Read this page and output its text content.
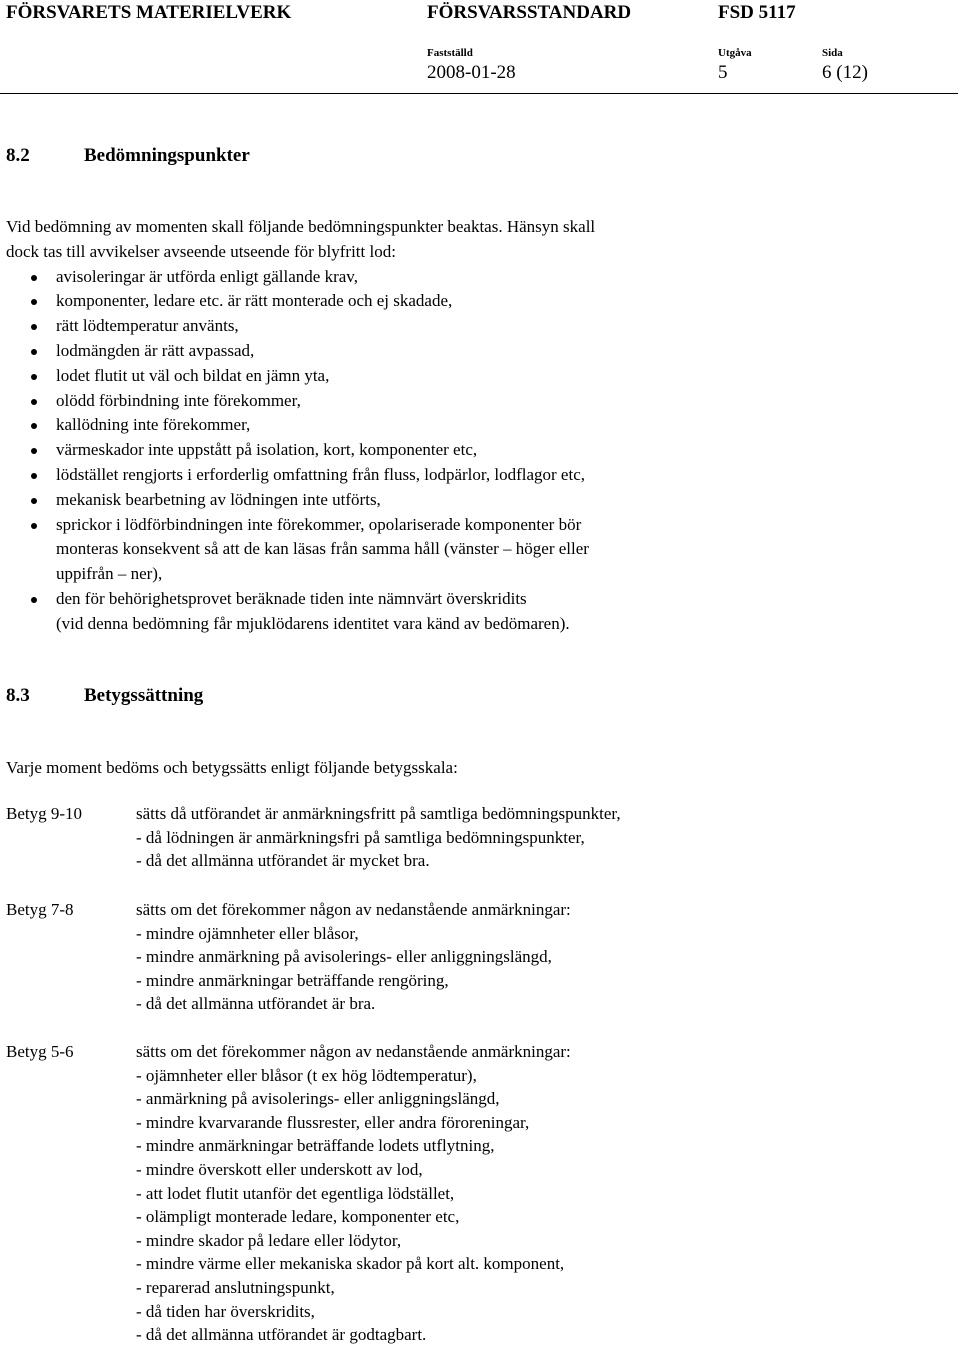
FÖRSVARETS MATERIELVERK	FÖRSVARSSTANDARD	FSD 5117
Fastställd	Utgåva	Sida
2008-01-28	5	6 (12)
8.2	Bedömningspunkter
Vid bedömning av momenten skall följande bedömningspunkter beaktas. Hänsyn skall
dock tas till avvikelser avseende utseende för blyfritt lod:
avisoleringar är utförda enligt gällande krav,
komponenter, ledare etc. är rätt monterade och ej skadade,
rätt lödtemperatur använts,
lodmängden är rätt avpassad,
lodet flutit ut väl och bildat en jämn yta,
olödd förbindning inte förekommer,
kallödning inte förekommer,
värmeskador inte uppstått på isolation, kort, komponenter etc,
lödstället rengjorts i erforderlig omfattning från fluss, lodpärlor, lodflagor etc,
mekanisk bearbetning av lödningen inte utförts,
sprickor i lödförbindningen inte förekommer, opolariserade komponenter bör
monteras konsekvent så att de kan läsas från samma håll (vänster – höger eller
uppifrån – ner),
den för behörighetsprovet beräknade tiden inte nämnvärt överskridits
(vid denna bedömning får mjuklödarens identitet vara känd av bedömaren).
8.3	Betygssättning
Varje moment bedöms och betygssätts enligt följande betygsskala:
Betyg 9-10	sätts då utförandet är anmärkningsfritt på samtliga bedömningspunkter,
- då lödningen är anmärkningsfri på samtliga bedömningspunkter,
- då det allmänna utförandet är mycket bra.
Betyg 7-8	sätts om det förekommer någon av nedanstående anmärkningar:
- mindre ojämnheter eller blåsor,
- mindre anmärkning på avisolerings- eller anliggningslängd,
- mindre anmärkningar beträffande rengöring,
- då det allmänna utförandet är bra.
Betyg 5-6	sätts om det förekommer någon av nedanstående anmärkningar:
- ojämnheter eller blåsor (t ex hög lödtemperatur),
- anmärkning på avisolerings- eller anliggningslängd,
- mindre kvarvarande flussrester, eller andra föroreningar,
- mindre anmärkningar beträffande lodets utflytning,
- mindre överskott eller underskott av lod,
- att lodet flutit utanför det egentliga lödstället,
- olämpligt monterade ledare, komponenter etc,
- mindre skador på ledare eller lödytor,
- mindre värme eller mekaniska skador på kort alt. komponent,
- reparerad anslutningspunkt,
- då tiden har överskridits,
- då det allmänna utförandet är godtagbart.
